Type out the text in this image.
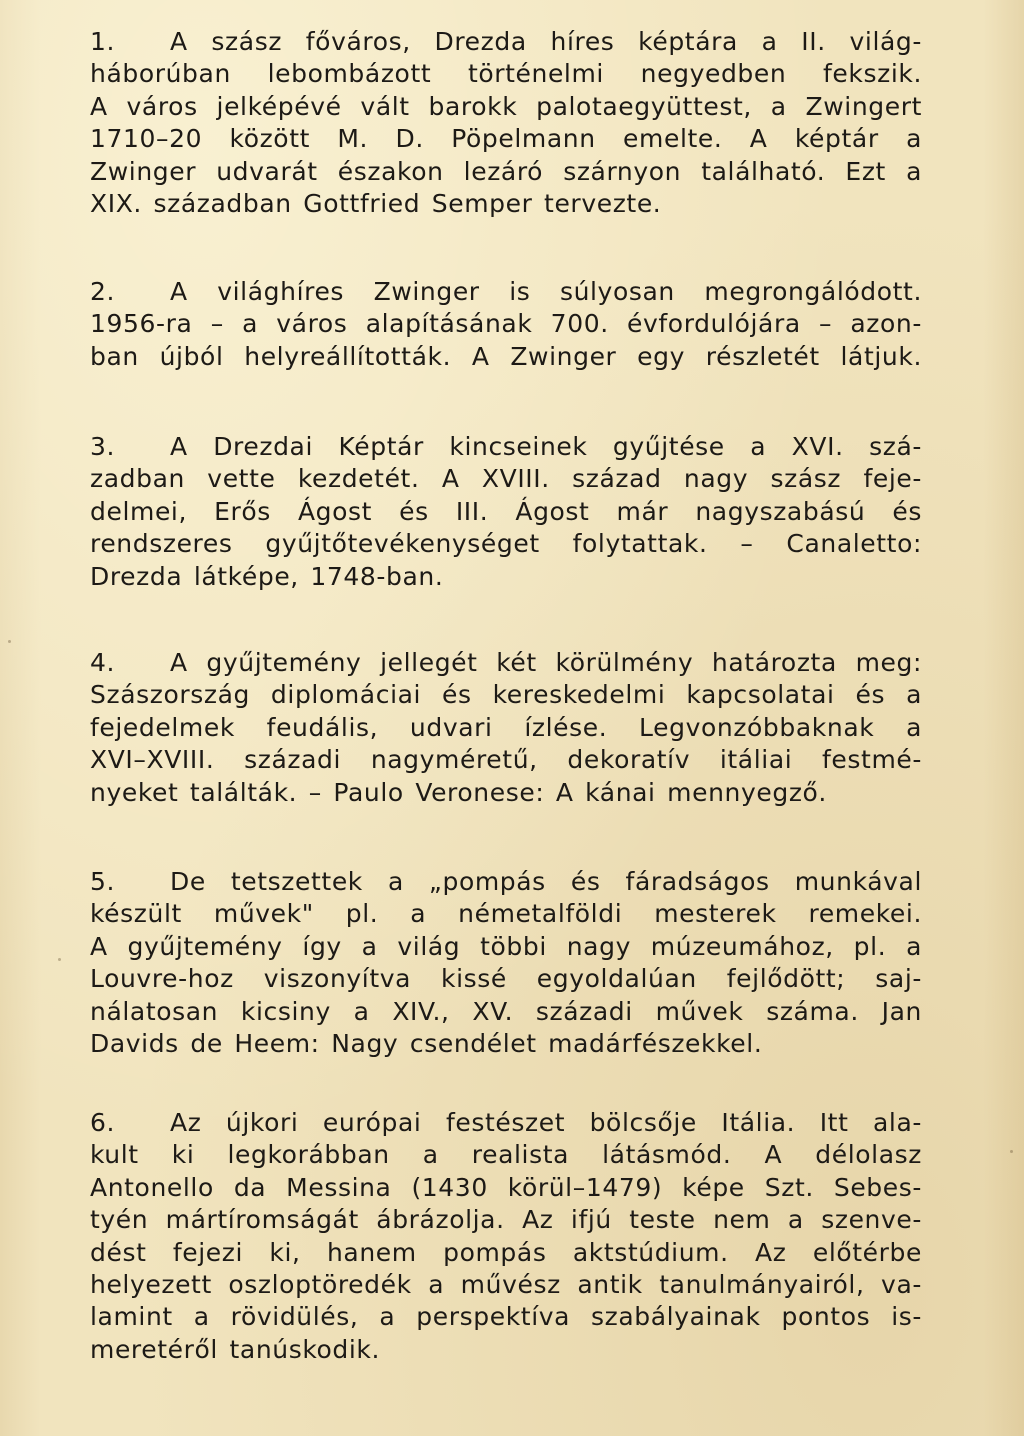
1. A szász főváros, Drezda híres képtára a II. világ-
háborúban lebombázott történelmi negyedben fekszik.
A város jelképévé vált barokk palotaegyüttest, a Zwingert
1710–20 között M. D. Pöpelmann emelte. A képtár a
Zwinger udvarát északon lezáró szárnyon található. Ezt a
XIX. században Gottfried Semper tervezte.
2. A világhíres Zwinger is súlyosan megrongálódott.
1956-ra – a város alapításának 700. évfordulójára – azon-
ban újból helyreállították. A Zwinger egy részletét látjuk.
3. A Drezdai Képtár kincseinek gyűjtése a XVI. szá-
zadban vette kezdetét. A XVIII. század nagy szász feje-
delmei, Erős Ágost és III. Ágost már nagyszabású és
rendszeres gyűjtőtevékenységet folytattak. – Canaletto:
Drezda látképe, 1748-ban.
4. A gyűjtemény jellegét két körülmény határozta meg:
Szászország diplomáciai és kereskedelmi kapcsolatai és a
fejedelmek feudális, udvari ízlése. Legvonzóbbaknak a
XVI–XVIII. századi nagyméretű, dekoratív itáliai festmé-
nyeket találták. – Paulo Veronese: A kánai mennyegző.
5. De tetszettek a „pompás és fáradságos munkával
készült művek" pl. a németalföldi mesterek remekei.
A gyűjtemény így a világ többi nagy múzeumához, pl. a
Louvre-hoz viszonyítva kissé egyoldalúan fejlődött; saj-
nálatosan kicsiny a XIV., XV. századi művek száma. Jan
Davids de Heem: Nagy csendélet madárfészekkel.
6. Az újkori európai festészet bölcsője Itália. Itt ala-
kult ki legkorábban a realista látásmód. A délolasz
Antonello da Messina (1430 körül–1479) képe Szt. Sebes-
tyén mártíromságát ábrázolja. Az ifjú teste nem a szenve-
dést fejezi ki, hanem pompás aktstúdium. Az előtérbe
helyezett oszloptöredék a művész antik tanulmányairól, va-
lamint a rövidülés, a perspektíva szabályainak pontos is-
meretéről tanúskodik.
